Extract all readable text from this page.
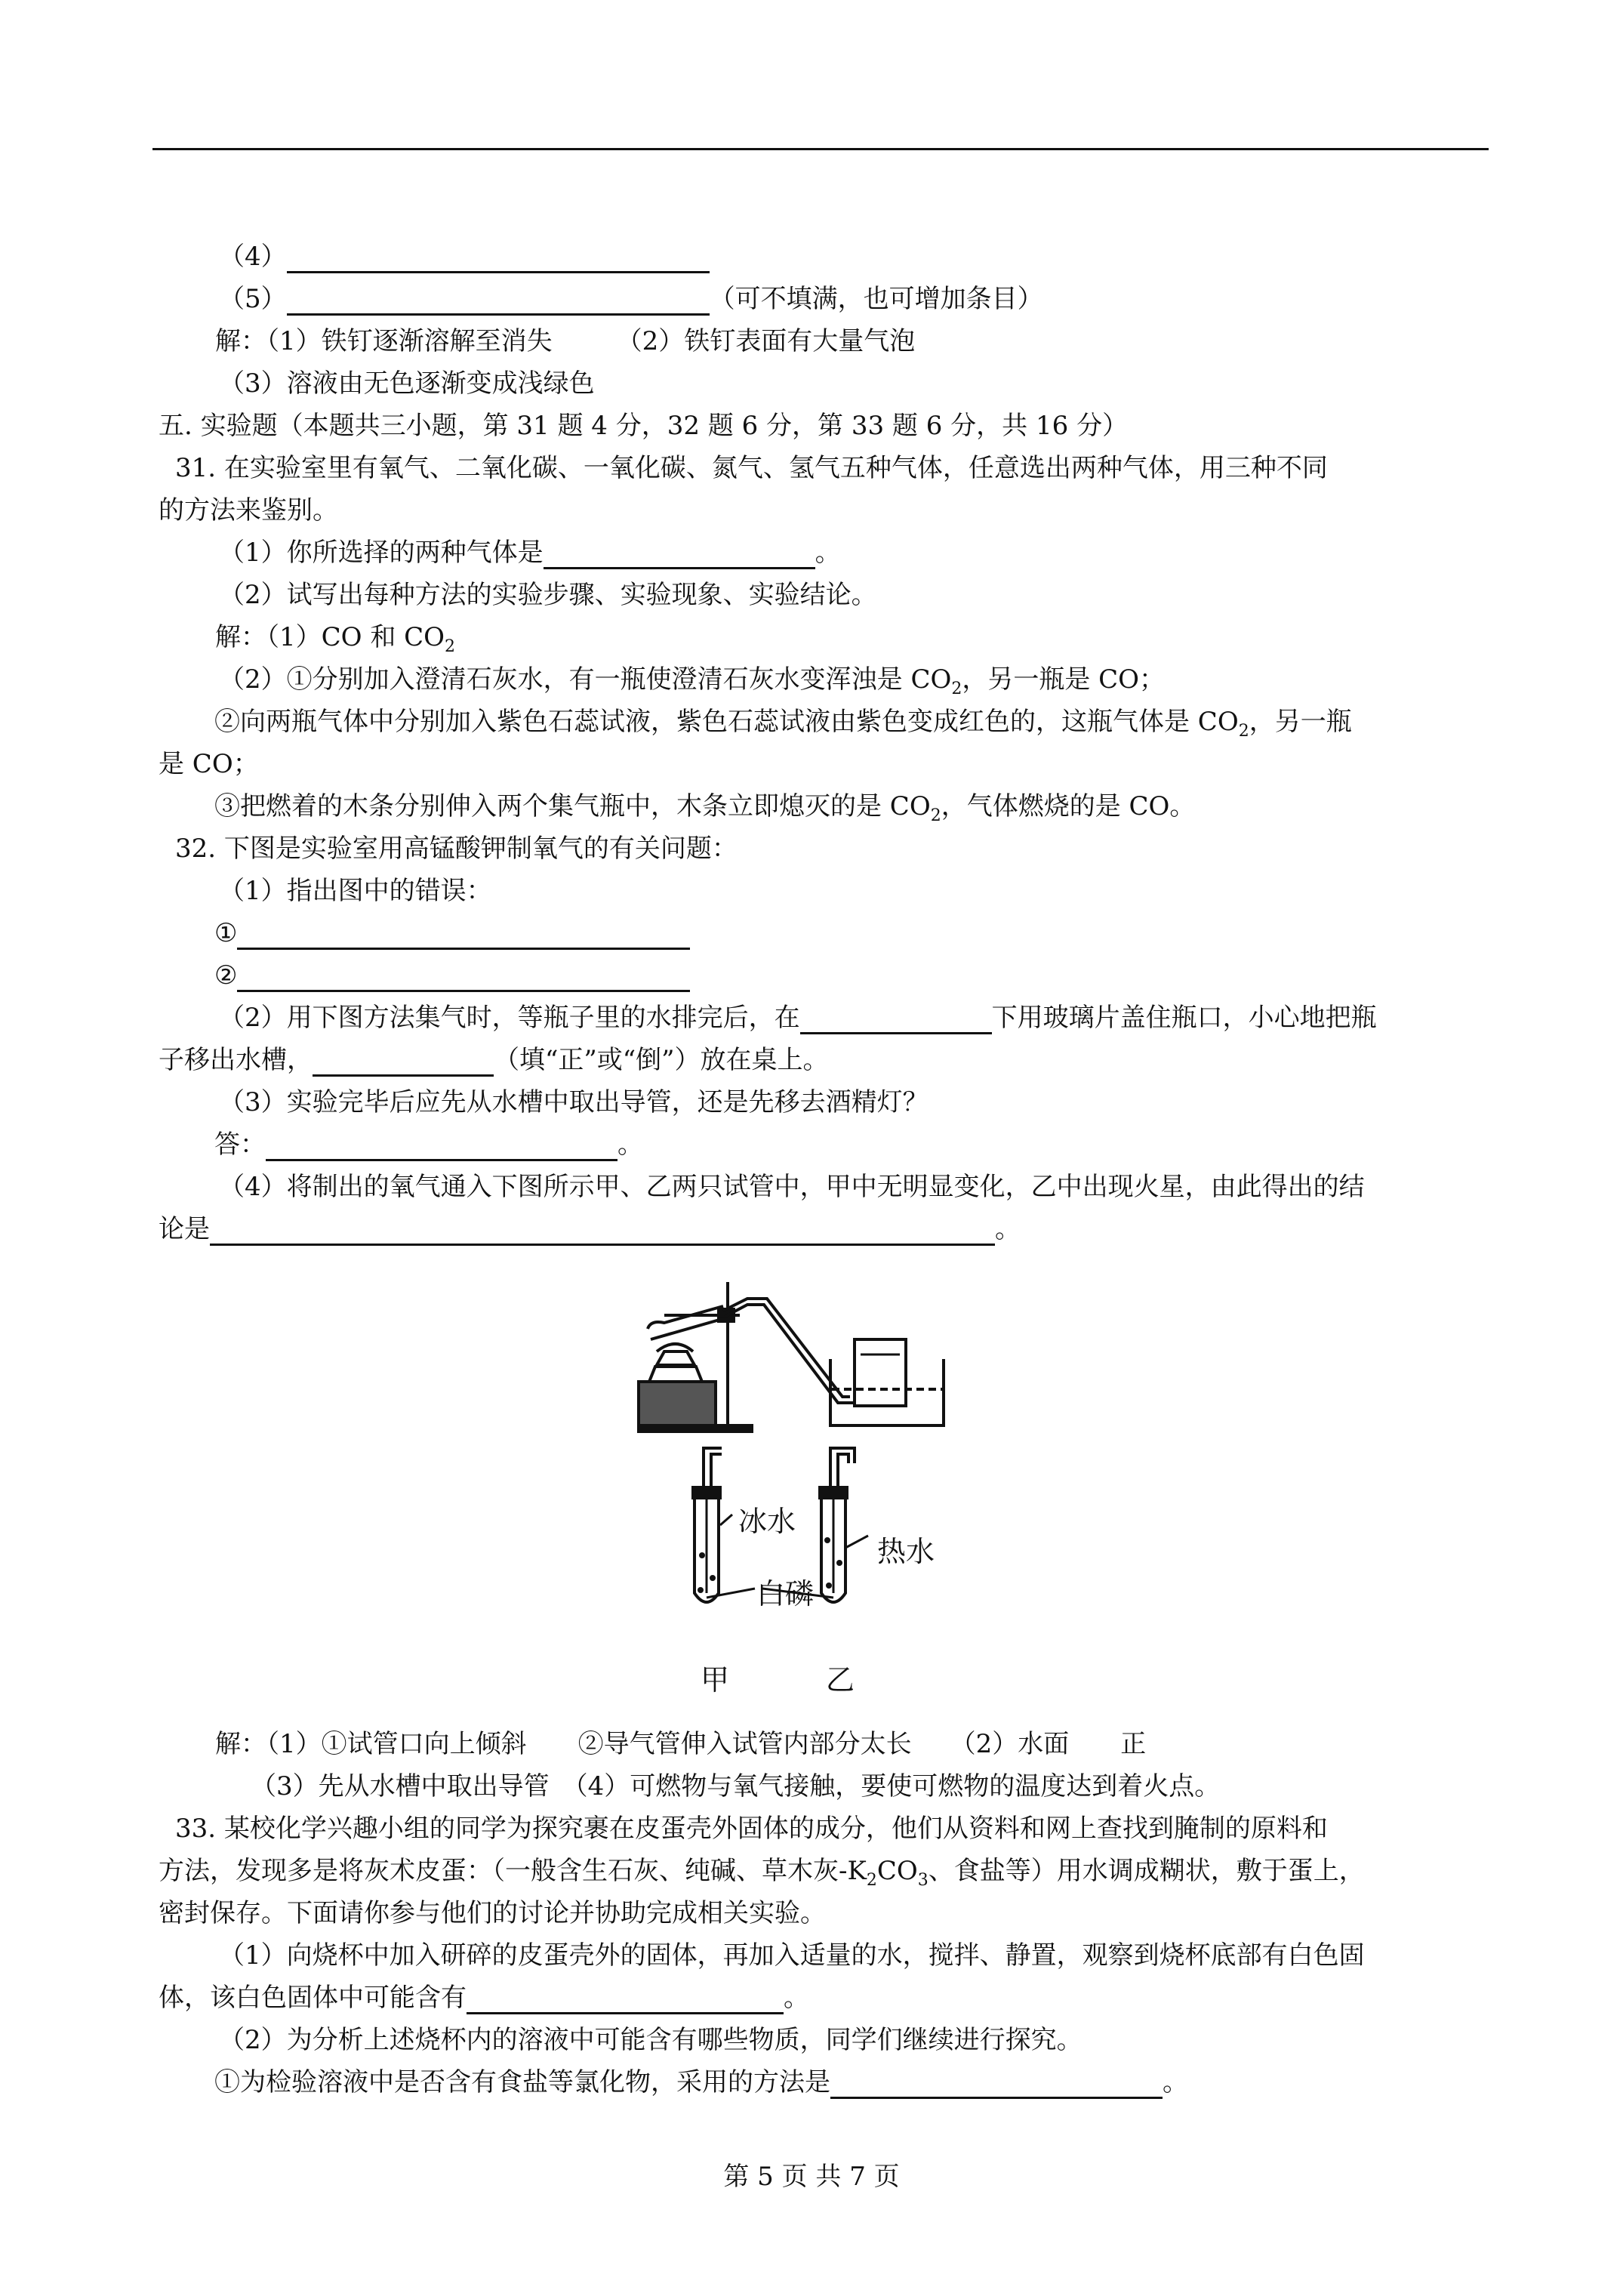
（4）
（5）	（可不填满，也可增加条目）
解：（1）铁钉逐渐溶解至消失　　　（2）铁钉表面有大量气泡
（3）溶液由无色逐渐变成浅绿色
五. 实验题（本题共三小题，第 31 题 4 分，32 题 6 分，第 33 题 6 分，共 16 分）
31. 在实验室里有氧气、二氧化碳、一氧化碳、氮气、氢气五种气体，任意选出两种气体，用三种不同
的方法来鉴别。
（1）你所选择的两种气体是	。
（2）试写出每种方法的实验步骤、实验现象、实验结论。
解：（1）CO 和 $CO_2$
（2）①分别加入澄清石灰水，有一瓶使澄清石灰水变浑浊是 $CO_2$，另一瓶是 CO；
②向两瓶气体中分别加入紫色石蕊试液，紫色石蕊试液由紫色变成红色的，这瓶气体是 $CO_2$，另一瓶
是 CO；
③把燃着的木条分别伸入两个集气瓶中，木条立即熄灭的是 $CO_2$，气体燃烧的是 CO。
32. 下图是实验室用高锰酸钾制氧气的有关问题：
（1）指出图中的错误：
①
②
（2）用下图方法集气时，等瓶子里的水排完后，在	下用玻璃片盖住瓶口，小心地把瓶
子移出水槽，	（填“正”或“倒”）放在桌上。
（3）实验完毕后应先从水槽中取出导管，还是先移去酒精灯？
答：	。
（4）将制出的氧气通入下图所示甲、乙两只试管中，甲中无明显变化，乙中出现火星，由此得出的结
论是	。
冰水
热水
白磷
甲	乙
解：（1）①试管口向上倾斜　　②导气管伸入试管内部分太长　　（2）水面　　正
（3）先从水槽中取出导管　（4）可燃物与氧气接触，要使可燃物的温度达到着火点。
33. 某校化学兴趣小组的同学为探究裹在皮蛋壳外固体的成分，他们从资料和网上查找到腌制的原料和
方法，发现多是将灰术皮蛋：（一般含生石灰、纯碱、草木灰$-K_2CO_3$、食盐等）用水调成糊状，敷于蛋上，
密封保存。下面请你参与他们的讨论并协助完成相关实验。
（1）向烧杯中加入研碎的皮蛋壳外的固体，再加入适量的水，搅拌、静置，观察到烧杯底部有白色固
体，该白色固体中可能含有	。
（2）为分析上述烧杯内的溶液中可能含有哪些物质，同学们继续进行探究。
①为检验溶液中是否含有食盐等氯化物，采用的方法是	。
第 5 页 共 7 页
